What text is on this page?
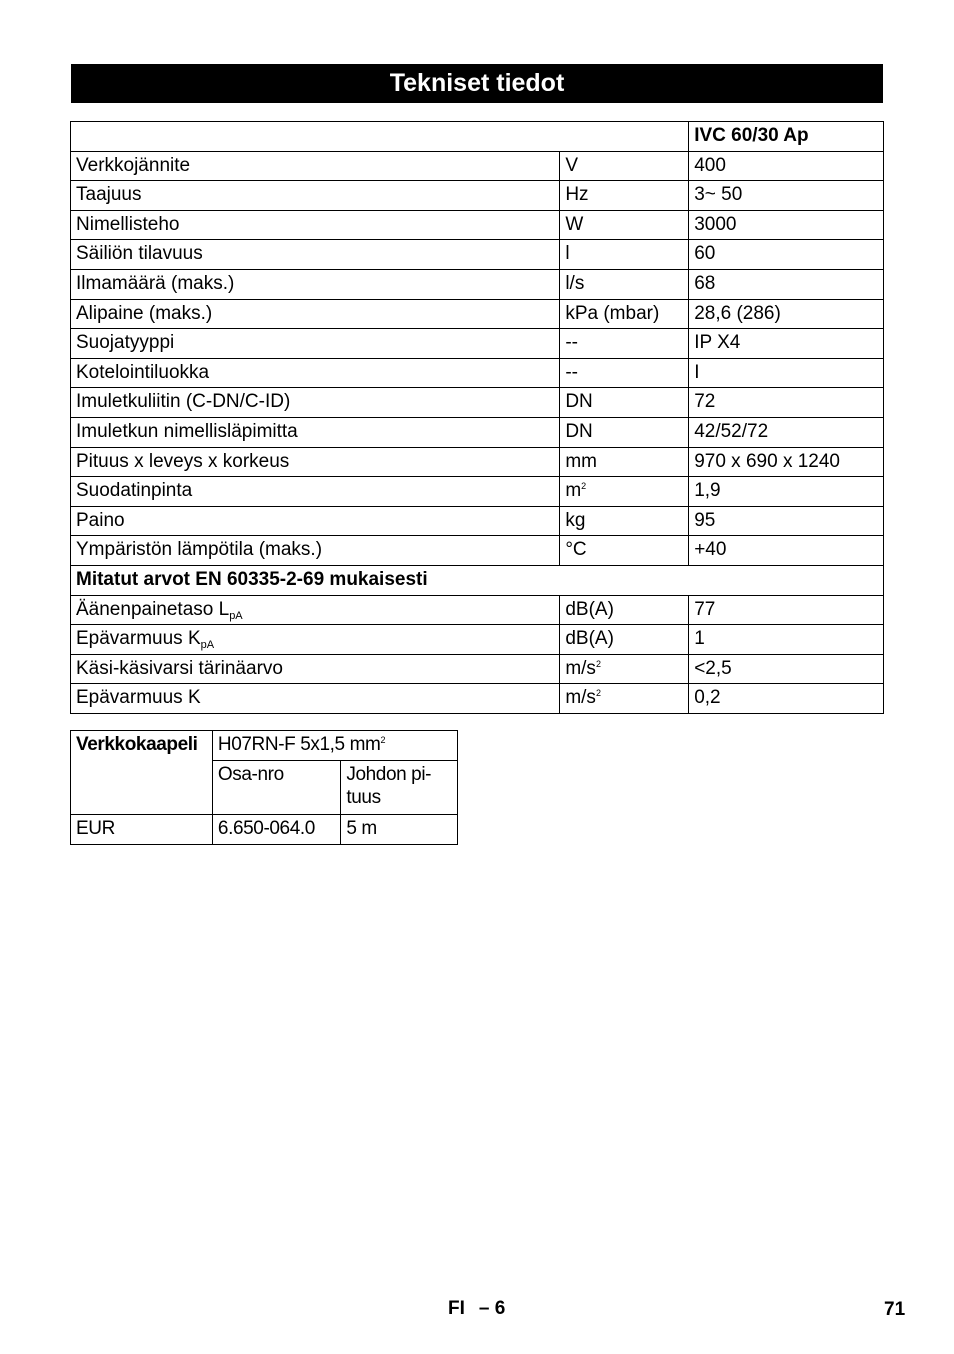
Tekniset tiedot
		IVC 60/30 Ap
Verkkojännite	V	400
Taajuus	Hz	3~ 50
Nimellisteho	W	3000
Säiliön tilavuus	l	60
Ilmamäärä (maks.)	l/s	68
Alipaine (maks.)	kPa (mbar)	28,6 (286)
Suojatyyppi	--	IP X4
Kotelointiluokka	--	I
Imuletkuliitin (C-DN/C-ID)	DN	72
Imuletkun nimellisläpimitta	DN	42/52/72
Pituus x leveys x korkeus	mm	970 x 690 x 1240
Suodatinpinta	$m^2$	1,9
Paino	kg	95
Ympäristön lämpötila (maks.)	°C	+40
Mitatut arvot EN 60335-2-69 mukaisesti		
Äänenpainetaso $L_{pA}$	dB(A)	77
Epävarmuus $K_{pA}$	dB(A)	1
Käsi-käsivarsi tärinäarvo	$m/s^2$	<2,5
Epävarmuus K	$m/s^2$	0,2
Verkkokaapeli	H07RN-F 5x1,5 $mm^2$
	Osa-nro	Johdon pi-
tuus
EUR	6.650-064.0	5 m
FI – 6	71
